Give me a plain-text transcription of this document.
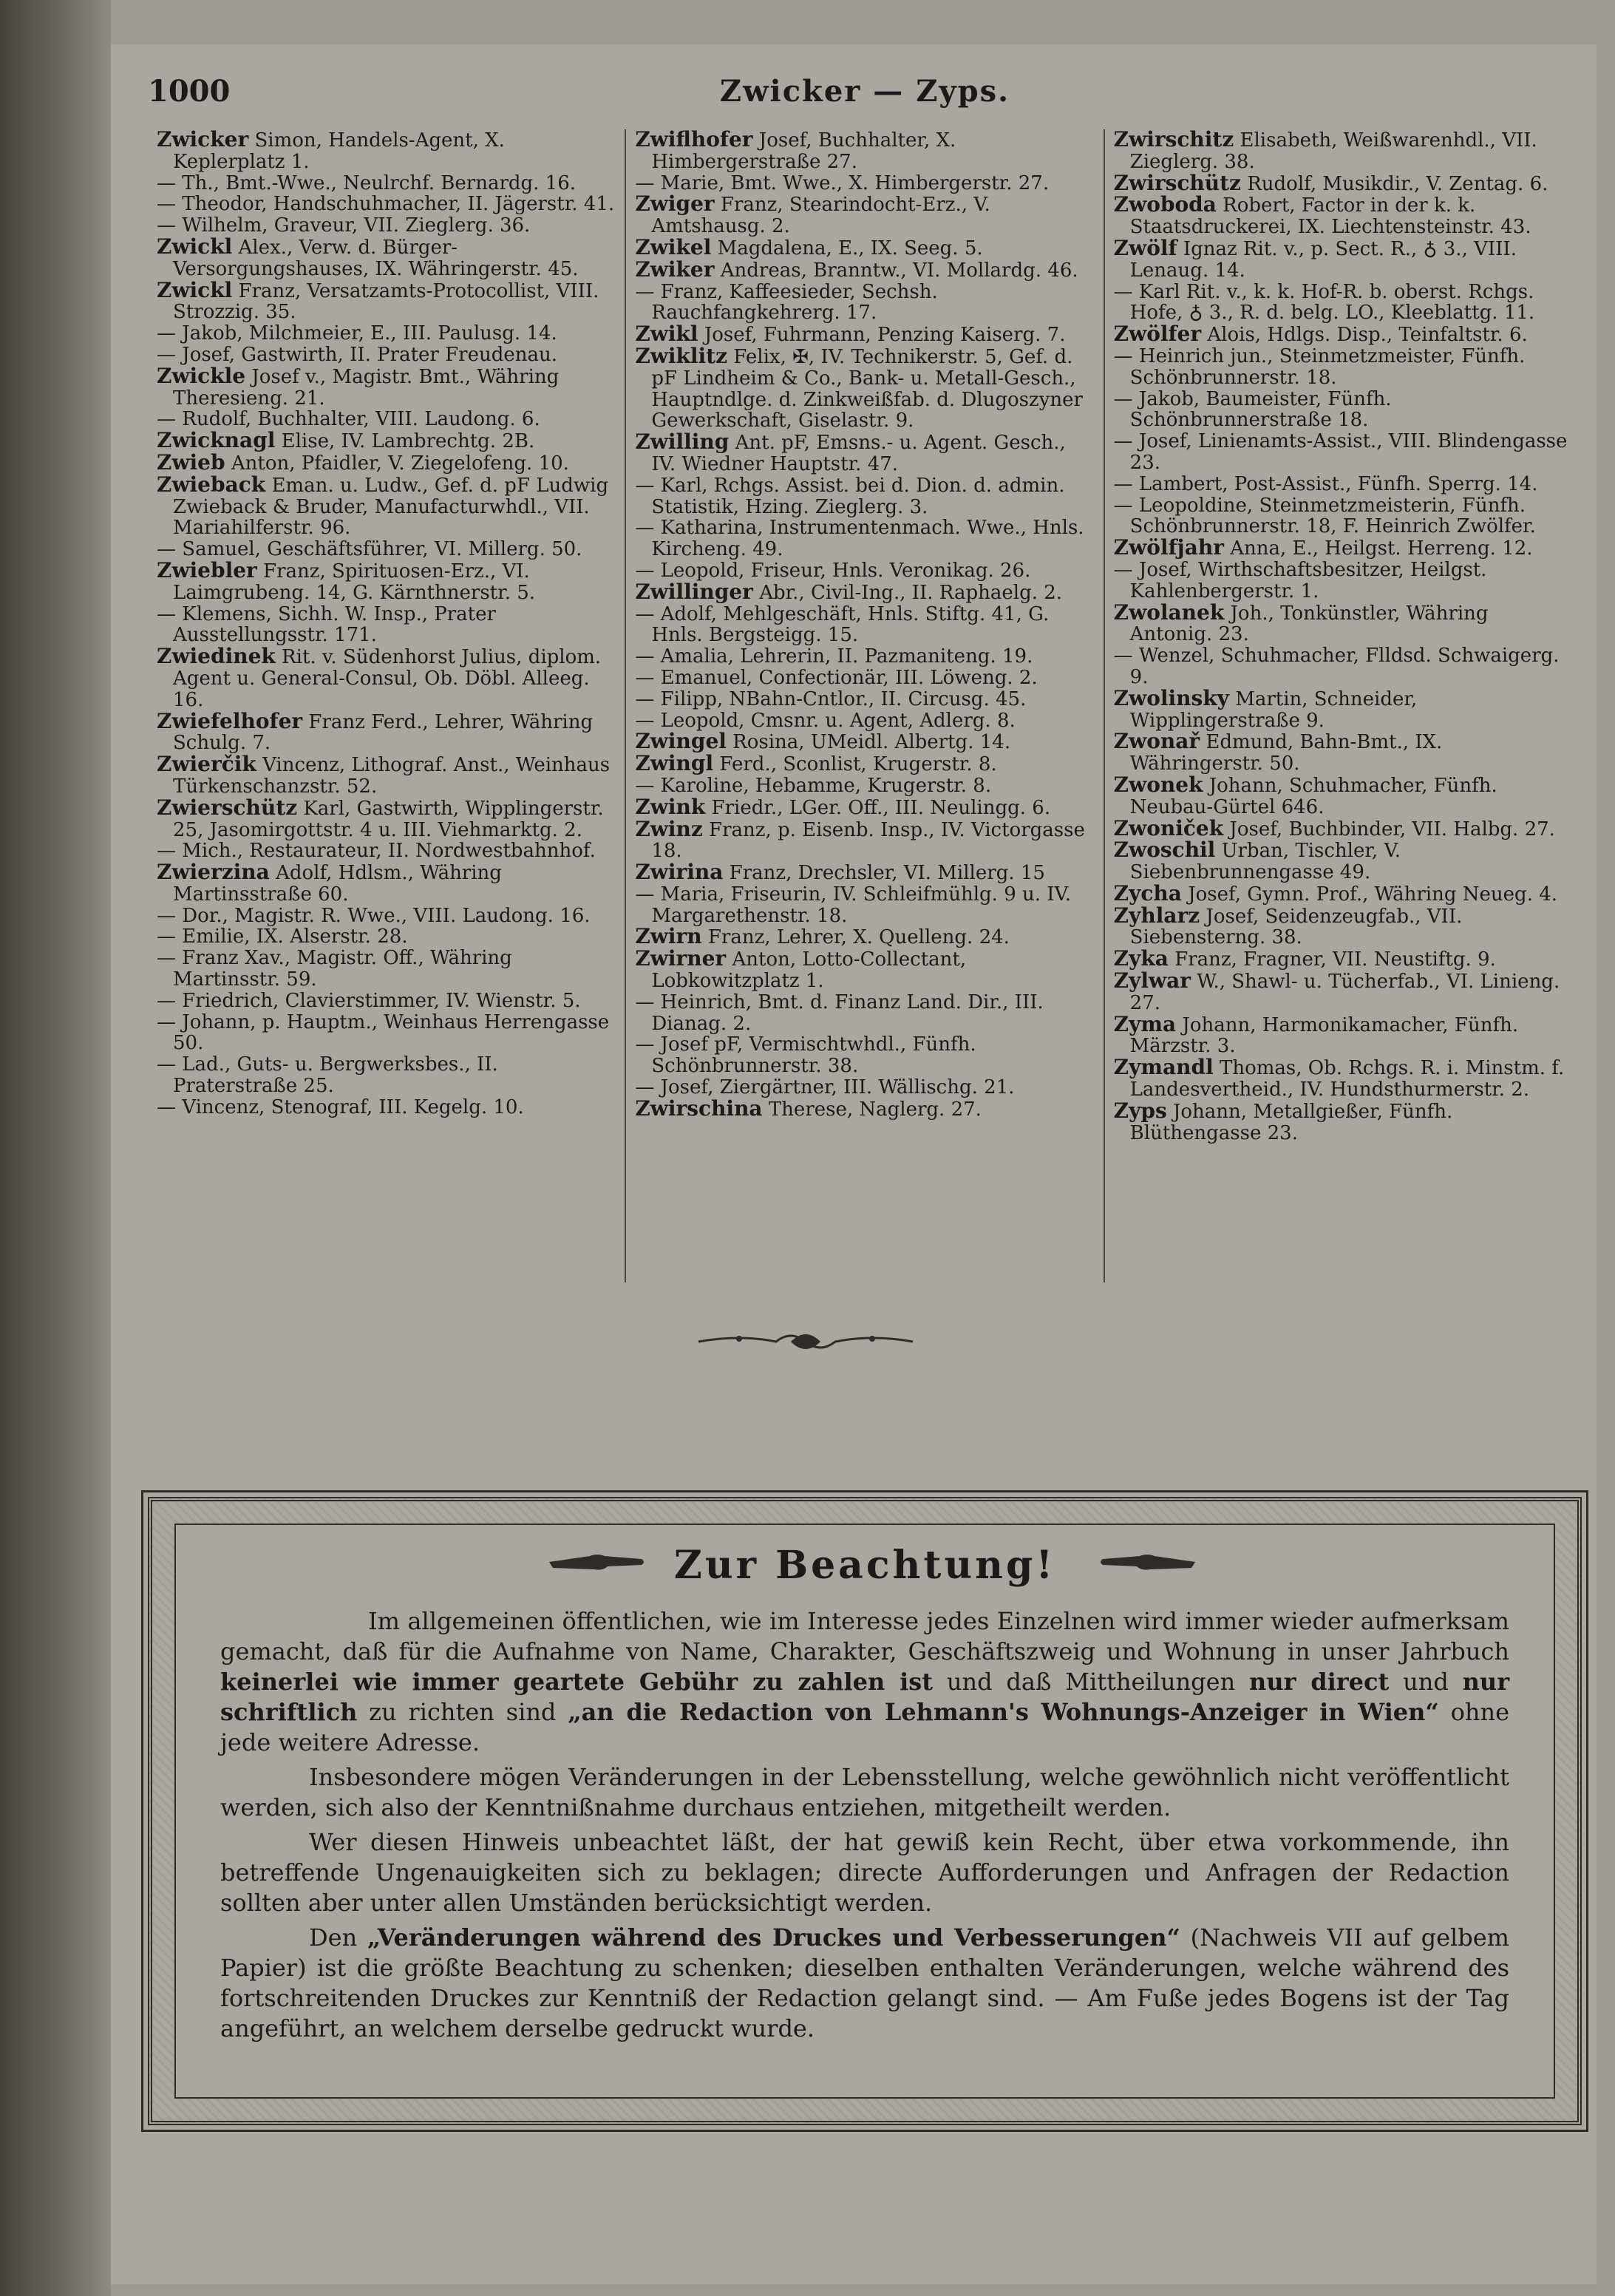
1000	Zwicker — Zyps.

Zwicker Simon, Handels-Agent, X. Keplerplatz 1.

— Th., Bmt.-Wwe., Neulrchf. Bernardg. 16.

— Theodor, Handschuhmacher, II. Jägerstr. 41.

— Wilhelm, Graveur, VII. Zieglerg. 36.

Zwickl Alex., Verw. d. Bürger-Versorgungshauses, IX. Währingerstr. 45.

Zwickl Franz, Versatzamts-Protocollist, VIII. Strozzig. 35.

— Jakob, Milchmeier, E., III. Paulusg. 14.

— Josef, Gastwirth, II. Prater Freudenau.

Zwickle Josef v., Magistr. Bmt., Währing Theresieng. 21.

— Rudolf, Buchhalter, VIII. Laudong. 6.

Zwicknagl Elise, IV. Lambrechtg. 2B.

Zwieb Anton, Pfaidler, V. Ziegelofeng. 10.

Zwieback Eman. u. Ludw., Gef. d. pF Ludwig Zwieback & Bruder, Manufacturwhdl., VII. Mariahilferstr. 96.

— Samuel, Geschäftsführer, VI. Millerg. 50.

Zwiebler Franz, Spirituosen-Erz., VI. Laimgrubeng. 14, G. Kärnthnerstr. 5.

— Klemens, Sichh. W. Insp., Prater Ausstellungsstr. 171.

Zwiedinek Rit. v. Südenhorst Julius, diplom. Agent u. General-Consul, Ob. Döbl. Alleeg. 16.

Zwiefelhofer Franz Ferd., Lehrer, Währing Schulg. 7.

Zwierčik Vincenz, Lithograf. Anst., Weinhaus Türkenschanzstr. 52.

Zwierschütz Karl, Gastwirth, Wipplingerstr. 25, Jasomirgottstr. 4 u. III. Viehmarktg. 2.

— Mich., Restaurateur, II. Nordwestbahnhof.

Zwierzina Adolf, Hdlsm., Währing Martinsstraße 60.

— Dor., Magistr. R. Wwe., VIII. Laudong. 16.

— Emilie, IX. Alserstr. 28.

— Franz Xav., Magistr. Off., Währing Martinsstr. 59.

— Friedrich, Clavierstimmer, IV. Wienstr. 5.

— Johann, p. Hauptm., Weinhaus Herrengasse 50.

— Lad., Guts- u. Bergwerksbes., II. Praterstraße 25.

— Vincenz, Stenograf, III. Kegelg. 10.

Zwiflhofer Josef, Buchhalter, X. Himbergerstraße 27.

— Marie, Bmt. Wwe., X. Himbergerstr. 27.

Zwiger Franz, Stearindocht-Erz., V. Amtshausg. 2.

Zwikel Magdalena, E., IX. Seeg. 5.

Zwiker Andreas, Branntw., VI. Mollardg. 46.

— Franz, Kaffeesieder, Sechsh. Rauchfangkehrerg. 17.

Zwikl Josef, Fuhrmann, Penzing Kaiserg. 7.

Zwiklitz Felix, ✠, IV. Technikerstr. 5, Gef. d. pF Lindheim & Co., Bank- u. Metall-Gesch., Hauptndlge. d. Zinkweißfab. d. Dlugoszyner Gewerkschaft, Giselastr. 9.

Zwilling Ant. pF, Emsns.- u. Agent. Gesch., IV. Wiedner Hauptstr. 47.

— Karl, Rchgs. Assist. bei d. Dion. d. admin. Statistik, Hzing. Zieglerg. 3.

— Katharina, Instrumentenmach. Wwe., Hnls. Kircheng. 49.

— Leopold, Friseur, Hnls. Veronikag. 26.

Zwillinger Abr., Civil-Ing., II. Raphaelg. 2.

— Adolf, Mehlgeschäft, Hnls. Stiftg. 41, G. Hnls. Bergsteigg. 15.

— Amalia, Lehrerin, II. Pazmaniteng. 19.

— Emanuel, Confectionär, III. Löweng. 2.

— Filipp, NBahn-Cntlor., II. Circusg. 45.

— Leopold, Cmsnr. u. Agent, Adlerg. 8.

Zwingel Rosina, UMeidl. Albertg. 14.

Zwingl Ferd., Sconlist, Krugerstr. 8.

— Karoline, Hebamme, Krugerstr. 8.

Zwink Friedr., LGer. Off., III. Neulingg. 6.

Zwinz Franz, p. Eisenb. Insp., IV. Victorgasse 18.

Zwirina Franz, Drechsler, VI. Millerg. 15

— Maria, Friseurin, IV. Schleifmühlg. 9 u. IV. Margarethenstr. 18.

Zwirn Franz, Lehrer, X. Quelleng. 24.

Zwirner Anton, Lotto-Collectant, Lobkowitzplatz 1.

— Heinrich, Bmt. d. Finanz Land. Dir., III. Dianag. 2.

— Josef pF, Vermischtwhdl., Fünfh. Schönbrunnerstr. 38.

— Josef, Ziergärtner, III. Wällischg. 21.

Zwirschina Therese, Naglerg. 27.

Zwirschitz Elisabeth, Weißwarenhdl., VII. Zieglerg. 38.

Zwirschütz Rudolf, Musikdir., V. Zentag. 6.

Zwoboda Robert, Factor in der k. k. Staatsdruckerei, IX. Liechtensteinstr. 43.

Zwölf Ignaz Rit. v., p. Sect. R., ♁ 3., VIII. Lenaug. 14.

— Karl Rit. v., k. k. Hof-R. b. oberst. Rchgs. Hofe, ♁ 3., R. d. belg. LO., Kleeblattg. 11.

Zwölfer Alois, Hdlgs. Disp., Teinfaltstr. 6.

— Heinrich jun., Steinmetzmeister, Fünfh. Schönbrunnerstr. 18.

— Jakob, Baumeister, Fünfh. Schönbrunnerstraße 18.

— Josef, Linienamts-Assist., VIII. Blindengasse 23.

— Lambert, Post-Assist., Fünfh. Sperrg. 14.

— Leopoldine, Steinmetzmeisterin, Fünfh. Schönbrunnerstr. 18, F. Heinrich Zwölfer.

Zwölfjahr Anna, E., Heilgst. Herreng. 12.

— Josef, Wirthschaftsbesitzer, Heilgst. Kahlenbergerstr. 1.

Zwolanek Joh., Tonkünstler, Währing Antonig. 23.

— Wenzel, Schuhmacher, Flldsd. Schwaigerg. 9.

Zwolinsky Martin, Schneider, Wipplingerstraße 9.

Zwonař Edmund, Bahn-Bmt., IX. Währingerstr. 50.

Zwonek Johann, Schuhmacher, Fünfh. Neubau-Gürtel 646.

Zwoniček Josef, Buchbinder, VII. Halbg. 27.

Zwoschil Urban, Tischler, V. Siebenbrunnengasse 49.

Zycha Josef, Gymn. Prof., Währing Neueg. 4.

Zyhlarz Josef, Seidenzeugfab., VII. Siebensterng. 38.

Zyka Franz, Fragner, VII. Neustiftg. 9.

Zylwar W., Shawl- u. Tücherfab., VI. Linieng. 27.

Zyma Johann, Harmonikamacher, Fünfh. Märzstr. 3.

Zymandl Thomas, Ob. Rchgs. R. i. Minstm. f. Landesvertheid., IV. Hundsthurmerstr. 2.

Zyps Johann, Metallgießer, Fünfh. Blüthengasse 23.

Zur Beachtung!

Im allgemeinen öffentlichen, wie im Interesse jedes Einzelnen wird immer wieder aufmerksam gemacht, daß für die Aufnahme von Name, Charakter, Geschäftszweig und Wohnung in unser Jahrbuch keinerlei wie immer geartete Gebühr zu zahlen ist und daß Mittheilungen nur direct und nur schriftlich zu richten sind „an die Redaction von Lehmann's Wohnungs-Anzeiger in Wien“ ohne jede weitere Adresse.

Insbesondere mögen Veränderungen in der Lebensstellung, welche gewöhnlich nicht veröffentlicht werden, sich also der Kenntnißnahme durchaus entziehen, mitgetheilt werden.

Wer diesen Hinweis unbeachtet läßt, der hat gewiß kein Recht, über etwa vorkommende, ihn betreffende Ungenauigkeiten sich zu beklagen; directe Aufforderungen und Anfragen der Redaction sollten aber unter allen Umständen berücksichtigt werden.

Den „Veränderungen während des Druckes und Verbesserungen“ (Nachweis VII auf gelbem Papier) ist die größte Beachtung zu schenken; dieselben enthalten Veränderungen, welche während des fortschreitenden Druckes zur Kenntniß der Redaction gelangt sind. — Am Fuße jedes Bogens ist der Tag angeführt, an welchem derselbe gedruckt wurde.
